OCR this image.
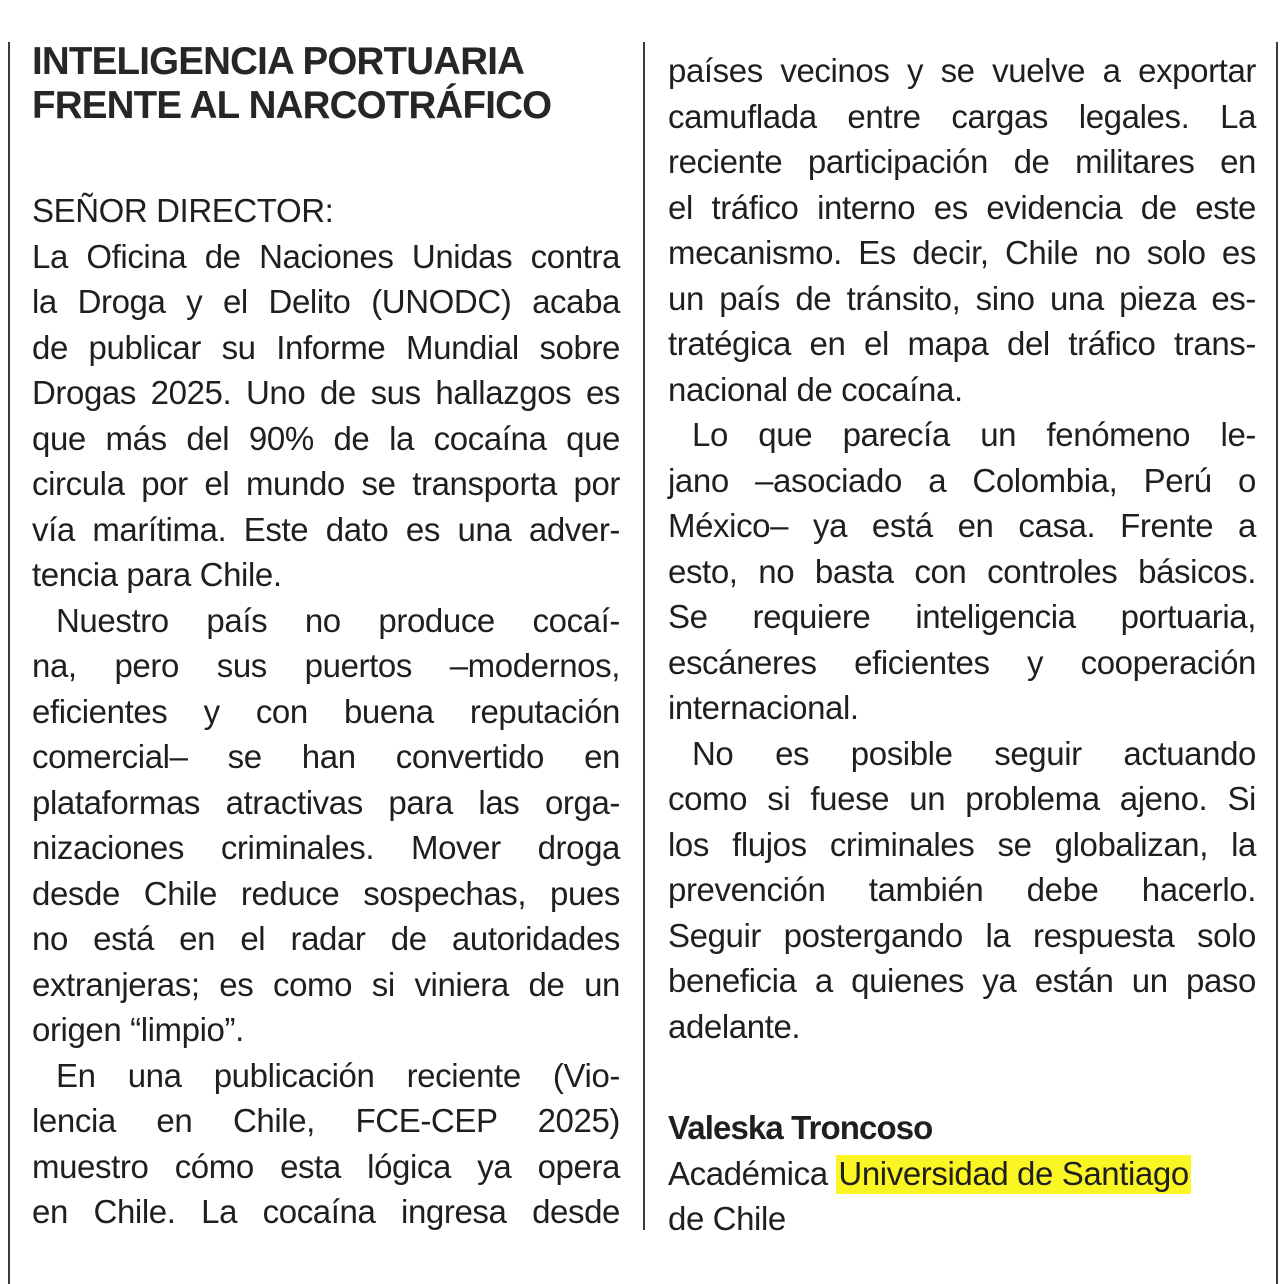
INTELIGENCIA PORTUARIA
FRENTE AL NARCOTRÁFICO
SEÑOR DIRECTOR:
La Oficina de Naciones Unidas contra
la Droga y el Delito (UNODC) acaba
de publicar su Informe Mundial sobre
Drogas 2025. Uno de sus hallazgos es
que más del 90% de la cocaína que
circula por el mundo se transporta por
vía marítima. Este dato es una adver-
tencia para Chile.
Nuestro país no produce cocaí-
na, pero sus puertos –modernos,
eficientes y con buena reputación
comercial– se han convertido en
plataformas atractivas para las orga-
nizaciones criminales. Mover droga
desde Chile reduce sospechas, pues
no está en el radar de autoridades
extranjeras; es como si viniera de un
origen “limpio”.
En una publicación reciente (Vio-
lencia en Chile, FCE-CEP 2025)
muestro cómo esta lógica ya opera
en Chile. La cocaína ingresa desde
países vecinos y se vuelve a exportar
camuflada entre cargas legales. La
reciente participación de militares en
el tráfico interno es evidencia de este
mecanismo. Es decir, Chile no solo es
un país de tránsito, sino una pieza es-
tratégica en el mapa del tráfico trans-
nacional de cocaína.
Lo que parecía un fenómeno le-
jano –asociado a Colombia, Perú o
México– ya está en casa. Frente a
esto, no basta con controles básicos.
Se requiere inteligencia portuaria,
escáneres eficientes y cooperación
internacional.
No es posible seguir actuando
como si fuese un problema ajeno. Si
los flujos criminales se globalizan, la
prevención también debe hacerlo.
Seguir postergando la respuesta solo
beneficia a quienes ya están un paso
adelante.
Valeska Troncoso
Académica Universidad de Santiago
de Chile
